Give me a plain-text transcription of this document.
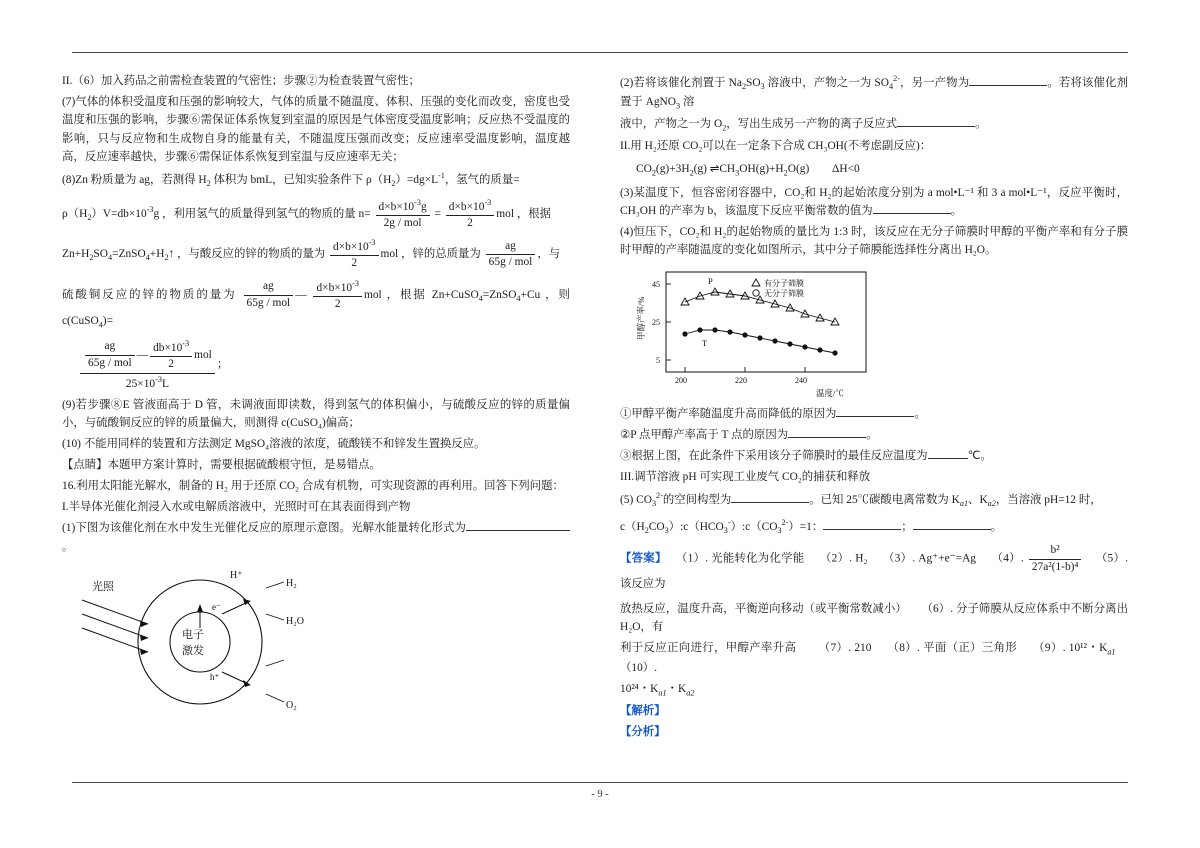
- 9 -

II.（6）加入药品之前需检查装置的气密性；步骤②为检查装置气密性；

(7)气体的体积受温度和压强的影响较大，气体的质量不随温度、体积、压强的变化而改变，密度也受温度和压强的影响，步骤⑥需保证体系恢复到室温的原因是气体密度受温度影响；反应热不受温度的影响，只与反应物和生成物自身的能量有关，不随温度压强而改变；反应速率受温度影响，温度越高，反应速率越快，步骤⑥需保证体系恢复到室温与反应速率无关；

(8)Zn 粉质量为 ag，若测得 $H_2$ 体积为 bmL，已知实验条件下 $\rho(H_2)=dg\times L^{-1}$，氢气的质量=

$\rho(H_2)V=db\times 10^{-3}g$ ，利用氢气的质量得到氢气的物质的量 $n= \frac{d\times b\times 10^{-3}g}{\text{2g / mol}} = \frac{d\times b\times 10^{-3}}{2}$ mol ，根据

$Zn+H_2SO_4=ZnSO_4+H_2↑$ ，与酸反应的锌的物质的量为 $\frac{d\times b\times 10^{-3}}{2}$ mol ，锌的总质量为 $\frac{ag}{\text{65g / mol}}$ ，与

硫酸铜反应的锌的物质的量为 $\frac{ag}{\text{65g / mol}}$ — $\frac{d\times b\times 10^{-3}}{2}$ mol ，根据 Zn+CuSO$_4$=ZnSO$_4$+Cu ，则 c(CuSO$_4$)=

$\frac{\frac{ag}{\text{65g / mol}} — \frac{db\times 10^{-3}}{2} mol}{25\times 10^{-3}L}$ ；

(9)若步骤⑧E 管液面高于 D 管，未调液面即读数，得到氢气的体积偏小，与硫酸反应的锌的质量偏小，与硫酸铜反应的锌的质量偏大，则测得 c(CuSO₄)偏高；

(10) 不能用同样的装置和方法测定 MgSO₄溶液的浓度，硫酸镁不和锌发生置换反应。

【点睛】本题甲方案计算时，需要根据硫酸根守恒，是易错点。

16.利用太阳能光解水，制备的 H₂ 用于还原 CO₂ 合成有机物，可实现资源的再利用。回答下列问题：

I.半导体光催化剂浸入水或电解质溶液中，光照时可在其表面得到产物

(1)下图为该催化剂在水中发生光催化反应的原理示意图。光解水能量转化形式为。

光照
电子
激发
e⁻
h⁺
H⁺
H₂
H₂O
O₂

(2)若将该催化剂置于 $Na_2SO_3$ 溶液中，产物之一为 $SO_4^{2-}$，另一产物为	。若将该催化剂置于 AgNO$_3$ 溶

液中，产物之一为 $O_2$，写出生成另一产物的离子反应式	。

II.用 H₂还原 CO₂可以在一定条下合成 CH₃OH(不考虑副反应)：

$CO_2(g)+3H_2(g)$ $\rightleftharpoons CH_3OH(g)+H_2O(g)$ ΔH<0

(3)某温度下，恒容密闭容器中，CO₂和 H₂的起始浓度分别为 a mol•L⁻¹ 和 3 a mol•L⁻¹，反应平衡时，CH₃OH 的产率为 b，该温度下反应平衡常数的值为	。

(4)恒压下，CO₂和 H₂的起始物质的量比为 1:3 时，该反应在无分子筛膜时甲醇的平衡产率和有分子膜时甲醇的产率随温度的变化如图所示，其中分子筛膜能选择性分离出 H₂O。

45
25
5
200	220	240
甲醇产率/%
温度/℃
有分子筛膜
无分子筛膜
P
T

①甲醇平衡产率随温度升高而降低的原因为	。

②P 点甲醇产率高于 T 点的原因为	。

③根据上图，在此条件下采用该分子筛膜时的最佳反应温度为	℃。

III.调节溶液 pH 可实现工业废气 CO₂的捕获和释放

(5) $CO_3^{2-}$的空间构型为	。已知 25℃碳酸电离常数为 $K_{a1}$、$K_{a2}$，当溶液 pH=12 时，

$c(H_2CO_3):c(HCO_3^-):c(CO_3^{2-})=1$：	；	。

【答案】 （1）. 光能转化为化学能 （2）. H₂ （3）. Ag⁺+e⁻=Ag （4）. $\frac{\text{b²}}{\text{27a²(1-b)⁴}} (5)$. 该反应为

放热反应，温度升高，平衡逆向移动（或平衡常数减小） （6）. 分子筛膜从反应体系中不断分离出 H₂O，有

利于反应正向进行，甲醇产率升高 （7）. 210 （8）. 平面（正）三角形 （9）. 10¹²・$K_{a1}$     （10）.

10²⁴・$K_{a1}$・$K_{a2}$

【解析】

【分析】
